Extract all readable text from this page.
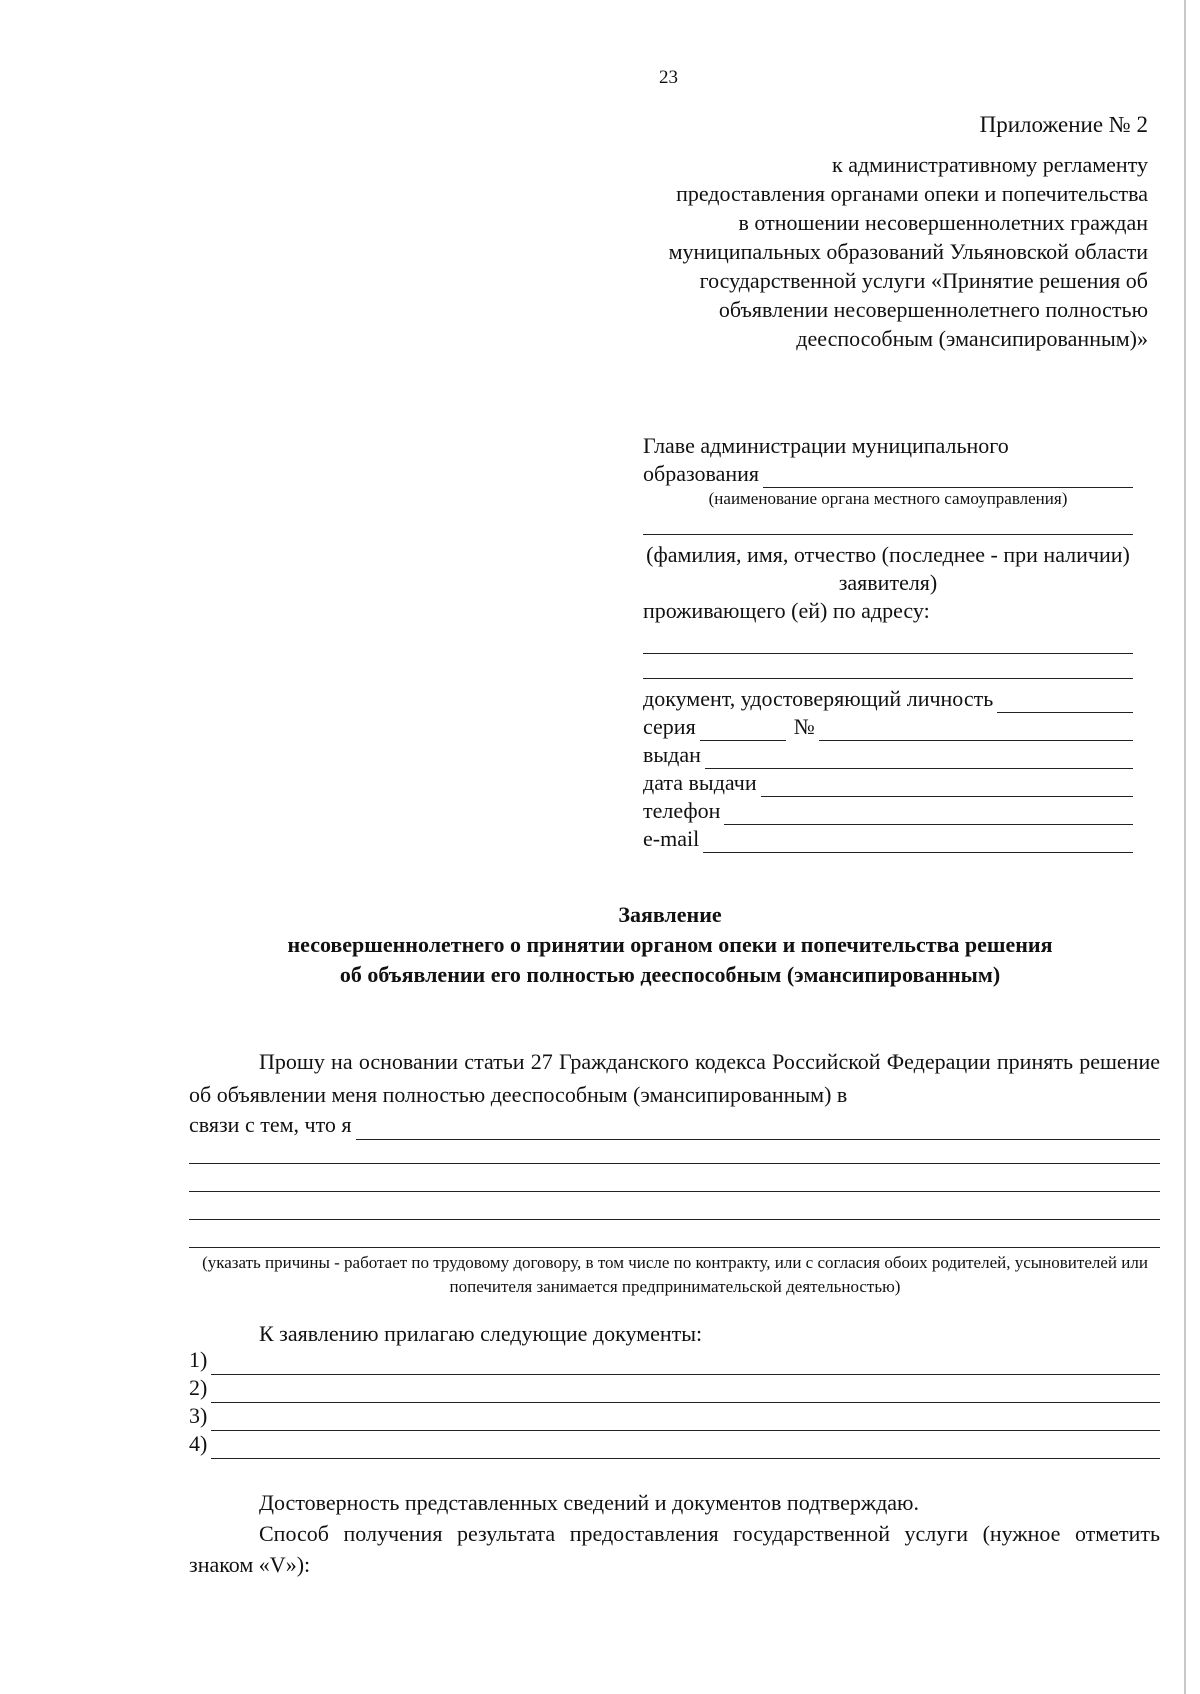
23
Приложение № 2
к административному регламенту
предоставления органами опеки и попечительства
в отношении несовершеннолетних граждан
муниципальных образований Ульяновской области
государственной услуги «Принятие решения об
объявлении несовершеннолетнего полностью
дееспособным (эмансипированным)»
Главе администрации муниципального
образования
(наименование органа местного самоуправления)
(фамилия, имя, отчество (последнее - при наличии) заявителя)
проживающего (ей) по адресу:
документ, удостоверяющий личность
серия	№
выдан
дата выдачи
телефон
e-mail
Заявление
несовершеннолетнего о принятии органом опеки и попечительства решения
об объявлении его полностью дееспособным (эмансипированным)
Прошу на основании статьи 27 Гражданского кодекса Российской Федерации принять решение об объявлении меня полностью дееспособным (эмансипированным) в
связи с тем, что я
(указать причины - работает по трудовому договору, в том числе по контракту, или с согласия обоих родителей, усыновителей или попечителя занимается предпринимательской деятельностью)
К заявлению прилагаю следующие документы:
1)
2)
3)
4)
Достоверность представленных сведений и документов подтверждаю.
Способ получения результата предоставления государственной услуги (нужное отметить знаком «V»):
